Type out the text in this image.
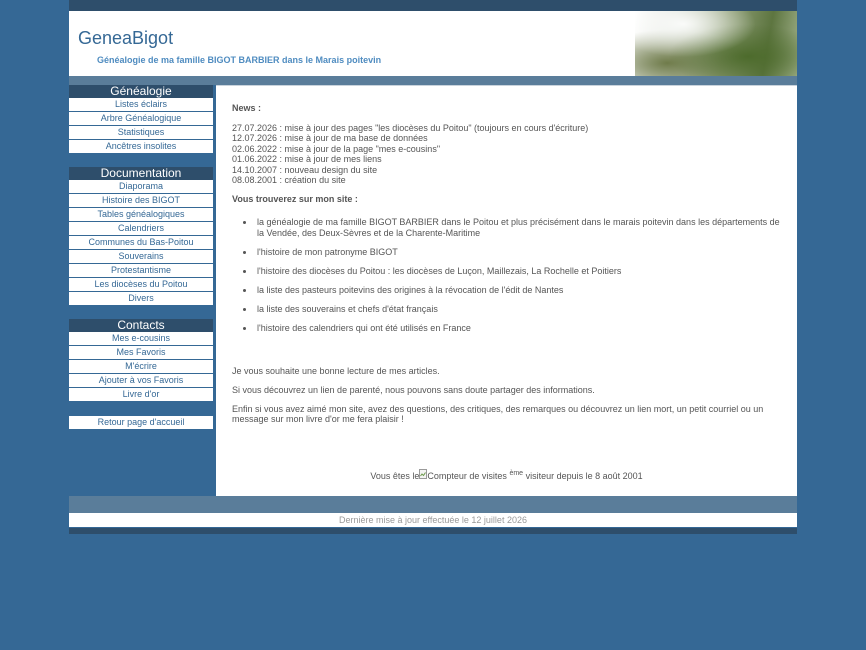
GeneaBigot
Généalogie de ma famille BIGOT BARBIER dans le Marais poitevin
Généalogie
Listes éclairs
Arbre Généalogique
Statistiques
Ancêtres insolites
Documentation
Diaporama
Histoire des BIGOT
Tables généalogiques
Calendriers
Communes du Bas-Poitou
Souverains
Protestantisme
Les diocèses du Poitou
Divers
Contacts
Mes e-cousins
Mes Favoris
M'écrire
Ajouter à vos Favoris
Livre d'or
Retour page d'accueil
News :
27.07.2026 : mise à jour des pages "les diocèses du Poitou" (toujours en cours d'écriture)
12.07.2026 : mise à jour de ma base de données
02.06.2022 : mise à jour de la page "mes e-cousins"
01.06.2022 : mise à jour de mes liens
14.10.2007 : nouveau design du site
08.08.2001 : création du site
Vous trouverez sur mon site :
la généalogie de ma famille BIGOT BARBIER dans le Poitou et plus précisément dans le marais poitevin dans les départements de la Vendée, des Deux-Sèvres et de la Charente-Maritime
l'histoire de mon patronyme BIGOT
l'histoire des diocèses du Poitou : les diocèses de Luçon, Maillezais, La Rochelle et Poitiers
la liste des pasteurs poitevins des origines à la révocation de l'édit de Nantes
la liste des souverains et chefs d'état français
l'histoire des calendriers qui ont été utilisés en France
Je vous souhaite une bonne lecture de mes articles.
Si vous découvrez un lien de parenté, nous pouvons sans doute partager des informations.
Enfin si vous avez aimé mon site, avez des questions, des critiques, des remarques ou découvrez un lien mort, un petit courriel ou un message sur mon livre d'or me fera plaisir !
Vous êtes le Compteur de visites $^{ème}$ visiteur depuis le 8 août 2001
Dernière mise à jour effectuée le 12 juillet 2026
